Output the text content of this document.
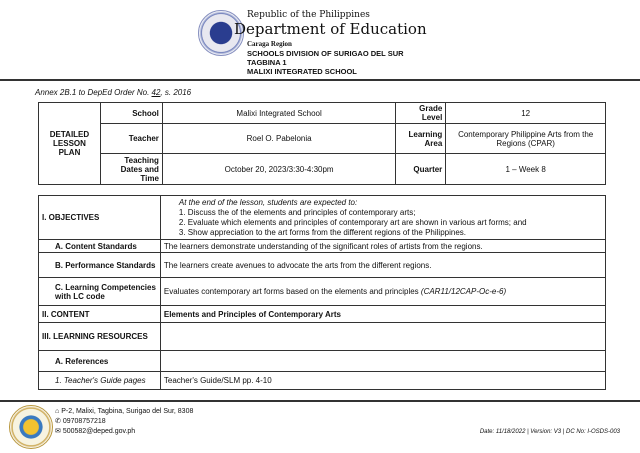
Republic of the Philippines
Department of Education
Caraga Region
SCHOOLS DIVISION OF SURIGAO DEL SUR
TAGBINA 1
MALIXI INTEGRATED SCHOOL
Annex 2B.1 to DepEd Order No. 42, s. 2016
DETAILED LESSON PLAN	School	Malixi Integrated School	Grade Level	12
	Teacher	Roel O. Pabelonia	Learning Area	Contemporary Philippine Arts from the Regions (CPAR)
	Teaching Dates and Time	October 20, 2023/3:30-4:30pm	Quarter	1 – Week 8
I. OBJECTIVES	At the end of the lesson, students are expected to:
1. Discuss the of the elements and principles of contemporary arts;
2. Evaluate which elements and principles of contemporary art are shown in various art forms; and
3. Show appreciation to the art forms from the different regions of the Philippines.

A. Content Standards	The learners demonstrate understanding of the significant roles of artists from the regions.
B. Performance Standards	The learners create avenues to advocate the arts from the different regions.
C. Learning Competencies with LC code	Evaluates contemporary art forms based on the elements and principles (CAR11/12CAP-Oc-e-6)
II. CONTENT	Elements and Principles of Contemporary Arts
III. LEARNING RESOURCES	
A. References	
1. Teacher's Guide pages	Teacher's Guide/SLM pp. 4-10
⌂ P-2, Malixi, Tagbina, Surigao del Sur, 8308
✆ 09708757218
✉ 500582@deped.gov.ph	Date: 11/18/2022 | Version: V3 | DC No: I-OSDS-003
